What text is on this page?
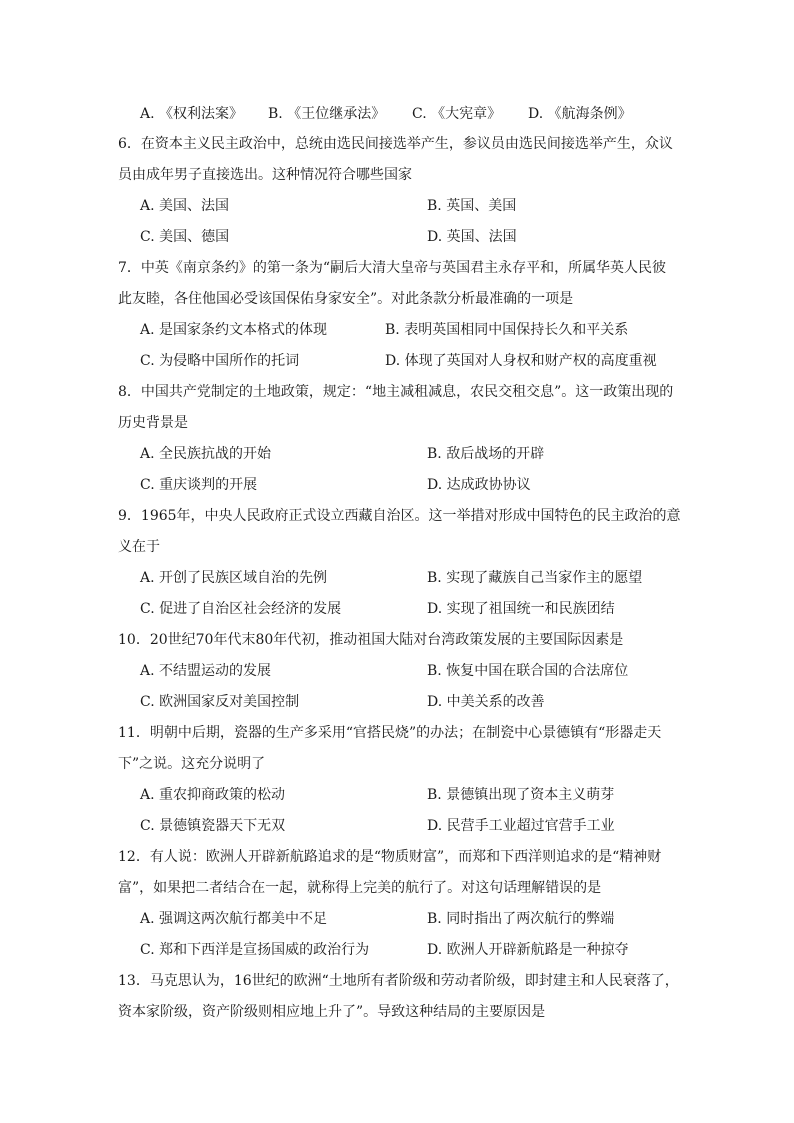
A. 《权利法案》 B. 《王位继承法》 C. 《大宪章》 D. 《航海条例》
6．在资本主义民主政治中，总统由选民间接选举产生，参议员由选民间接选举产生，众议
员由成年男子直接选出。这种情况符合哪些国家
A. 美国、法国	B. 英国、美国
C. 美国、德国	D. 英国、法国
7．中英《南京条约》的第一条为“嗣后大清大皇帝与英国君主永存平和，所属华英人民彼
此友睦，各住他国必受该国保佑身家安全”。对此条款分析最准确的一项是
A. 是国家条约文本格式的体现	B. 表明英国相同中国保持长久和平关系
C. 为侵略中国所作的托词	D. 体现了英国对人身权和财产权的高度重视
8．中国共产党制定的土地政策，规定：“地主减租减息，农民交租交息”。这一政策出现的
历史背景是
A. 全民族抗战的开始	B. 敌后战场的开辟
C. 重庆谈判的开展	D. 达成政协协议
9．1965年，中央人民政府正式设立西藏自治区。这一举措对形成中国特色的民主政治的意
义在于
A. 开创了民族区域自治的先例	B. 实现了藏族自己当家作主的愿望
C. 促进了自治区社会经济的发展	D. 实现了祖国统一和民族团结
10．20世纪70年代末80年代初，推动祖国大陆对台湾政策发展的主要国际因素是
A. 不结盟运动的发展	B. 恢复中国在联合国的合法席位
C. 欧洲国家反对美国控制	D. 中美关系的改善
11．明朝中后期，瓷器的生产多采用“官搭民烧”的办法；在制瓷中心景德镇有“形器走天
下”之说。这充分说明了
A. 重农抑商政策的松动	B. 景德镇出现了资本主义萌芽
C. 景德镇瓷器天下无双	D. 民营手工业超过官营手工业
12．有人说：欧洲人开辟新航路追求的是“物质财富”，而郑和下西洋则追求的是“精神财
富”，如果把二者结合在一起，就称得上完美的航行了。对这句话理解错误的是
A. 强调这两次航行都美中不足	B. 同时指出了两次航行的弊端
C. 郑和下西洋是宣扬国威的政治行为	D. 欧洲人开辟新航路是一种掠夺
13．马克思认为，16世纪的欧洲“土地所有者阶级和劳动者阶级，即封建主和人民衰落了，
资本家阶级，资产阶级则相应地上升了”。导致这种结局的主要原因是
